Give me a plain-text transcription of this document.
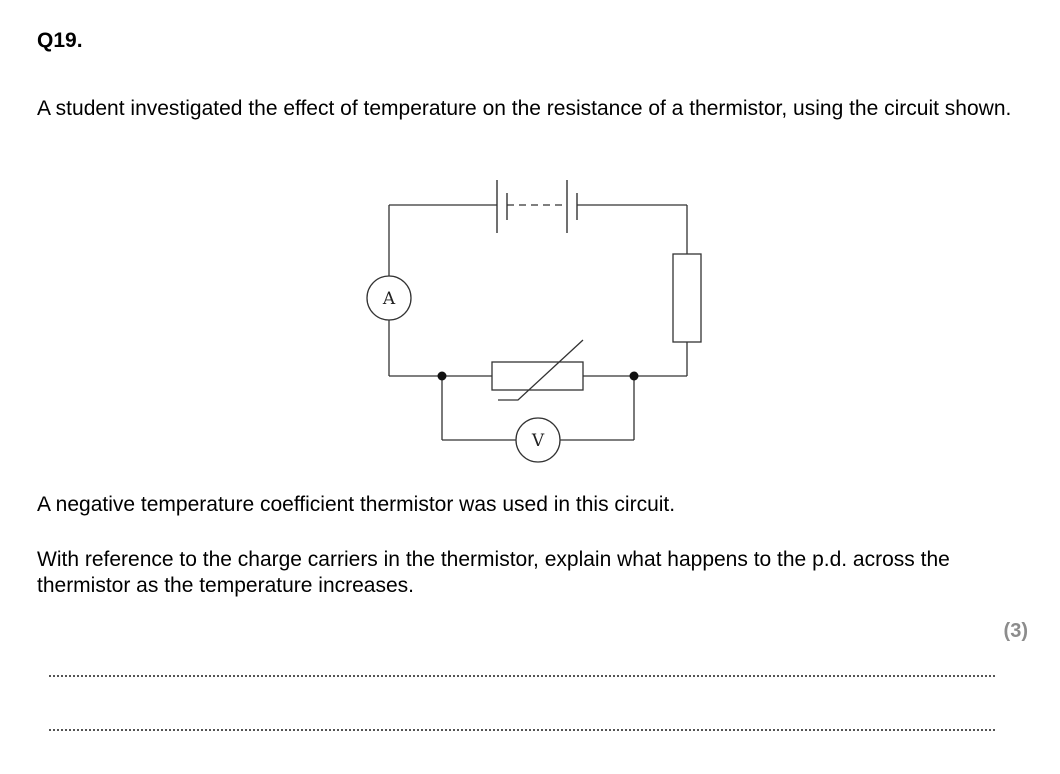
Q19.

A student investigated the effect of temperature on the resistance of a thermistor, using the circuit shown.

A
V

A negative temperature coefficient thermistor was used in this circuit.

With reference to the charge carriers in the thermistor, explain what happens to the p.d. across the thermistor as the temperature increases.

(3)
